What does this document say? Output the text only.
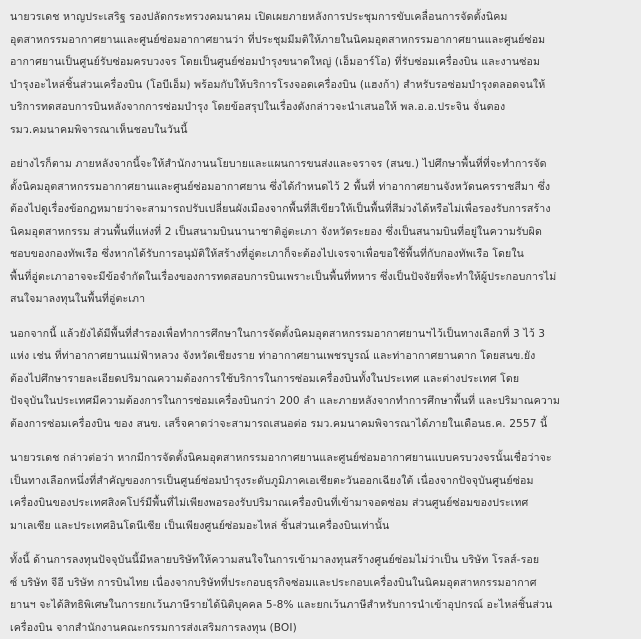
นายวรเดช หาญประเสริฐ รองปลัดกระทรวงคมนาคม เปิดเผยภายหลังการประชุมการขับเคลื่อนการจัดตั้งนิคม
อุตสาหกรรมอากาศยานและศูนย์ซ่อมอากาศยานว่า ที่ประชุมมีมติให้ภายในนิคมอุตสาหกรรมอากาศยานและศูนย์ซ่อม
อากาศยานเป็นศูนย์รับซ่อมครบวงจร โดยเป็นศูนย์ซ่อมบำรุงขนาดใหญ่ (เอ็มอาร์โอ) ที่รับซ่อมเครื่องบิน และงานซ่อม
บำรุงอะไหล่ชิ้นส่วนเครื่องบิน (โอบีเอ็ม) พร้อมกับให้บริการโรงจอดเครื่องบิน (แฮงก้า) สำหรับรอซ่อมบำรุงตลอดจนให้
บริการทดสอบการบินหลังจากการซ่อมบำรุง โดยข้อสรุปในเรื่องดังกล่าวจะนำเสนอให้ พล.อ.อ.ประจิน จั่นตอง
รมว.คมนาคมพิจารณาเห็นชอบในวันนี้

อย่างไรก็ตาม ภายหลังจากนี้จะให้สำนักงานนโยบายและแผนการขนส่งและจราจร (สนข.) ไปศึกษาพื้นที่ที่จะทำการจัด
ตั้งนิคมอุตสาหกรรมอากาศยานและศูนย์ซ่อมอากาศยาน ซึ่งได้กำหนดไว้ 2 พื้นที่ ท่าอากาศยานจังหวัดนครราชสีมา ซึ่ง
ต้องไปดูเรื่องข้อกฎหมายว่าจะสามารถปรับเปลี่ยนผังเมืองจากพื้นที่สีเขียวให้เป็นพื้นที่สีม่วงได้หรือไม่เพื่อรองรับการสร้าง
นิคมอุตสาหกรรม ส่วนพื้นที่แห่งที่ 2 เป็นสนามบินนานาชาติอู่ตะเภา จังหวัดระยอง ซึ่งเป็นสนามบินที่อยู่ในความรับผิด
ชอบของกองทัพเรือ ซึ่งหากได้รับการอนุมัติให้สร้างที่อู่ตะเภาก็จะต้องไปเจรจาเพื่อขอใช้พื้นที่กับกองทัพเรือ โดยใน
พื้นที่อู่ตะเภาอาจจะมีข้อจำกัดในเรื่องของการทดสอบการบินเพราะเป็นพื้นที่ทหาร ซึ่งเป็นปัจจัยที่จะทำให้ผู้ประกอบการไม่
สนใจมาลงทุนในพื้นที่อู่ตะเภา

นอกจากนี้ แล้วยังได้มีพื้นที่สำรองเพื่อทำการศึกษาในการจัดตั้งนิคมอุตสาหกรรมอากาศยานฯไว้เป็นทางเลือกที่ 3 ไว้ 3
แห่ง เช่น ที่ท่าอากาศยานแม่ฟ้าหลวง จังหวัดเชียงราย ท่าอากาศยานเพชรบูรณ์ และท่าอากาศยานตาก โดยสนข.ยัง
ต้องไปศึกษารายละเอียดปริมาณความต้องการใช้บริการในการซ่อมเครื่องบินทั้งในประเทศ และต่างประเทศ โดย
ปัจจุบันในประเทศมีความต้องการในการซ่อมเครื่องบินกว่า 200 ลำ และภายหลังจากทำการศึกษาพื้นที่ และปริมาณความ
ต้องการซ่อมเครื่องบิน ของ สนข. เสร็จคาดว่าจะสามารถเสนอต่อ รมว.คมนาคมพิจารณาได้ภายในเดือนธ.ค. 2557 นี้

นายวรเดช กล่าวต่อว่า หากมีการจัดตั้งนิคมอุตสาหกรรมอากาศยานและศูนย์ซ่อมอากาศยานแบบครบวงจรนั้นเชื่อว่าจะ
เป็นทางเลือกหนึ่งที่สำคัญของการเป็นศูนย์ซ่อมบำรุงระดับภูมิภาคเอเชียตะวันออกเฉียงใต้ เนื่องจากปัจจุบันศูนย์ซ่อม
เครื่องบินของประเทศสิงคโปร์มีพื้นที่ไม่เพียงพอรองรับปริมาณเครื่องบินที่เข้ามาจอดซ่อม ส่วนศูนย์ซ่อมของประเทศ
มาเลเซีย และประเทศอินโดนีเซีย เป็นเพียงศูนย์ซ่อมอะไหล่ ชิ้นส่วนเครื่องบินเท่านั้น

ทั้งนี้ ด้านการลงทุนปัจจุบันนี้มีหลายบริษัทให้ความสนใจในการเข้ามาลงทุนสร้างศูนย์ซ่อมไม่ว่าเป็น บริษัท โรลส์-รอย
ซ์ บริษัท จีอี บริษัท การบินไทย เนื่องจากบริษัทที่ประกอบธุรกิจซ่อมและประกอบเครื่องบินในนิคมอุตสาหกรรมอากาศ
ยานฯ จะได้สิทธิพิเศษในการยกเว้นภาษีรายได้นิติบุคคล 5-8% และยกเว้นภาษีสำหรับการนำเข้าอุปกรณ์ อะไหล่ชิ้นส่วน
เครื่องบิน จากสำนักงานคณะกรรมการส่งเสริมการลงทุน (BOI)
